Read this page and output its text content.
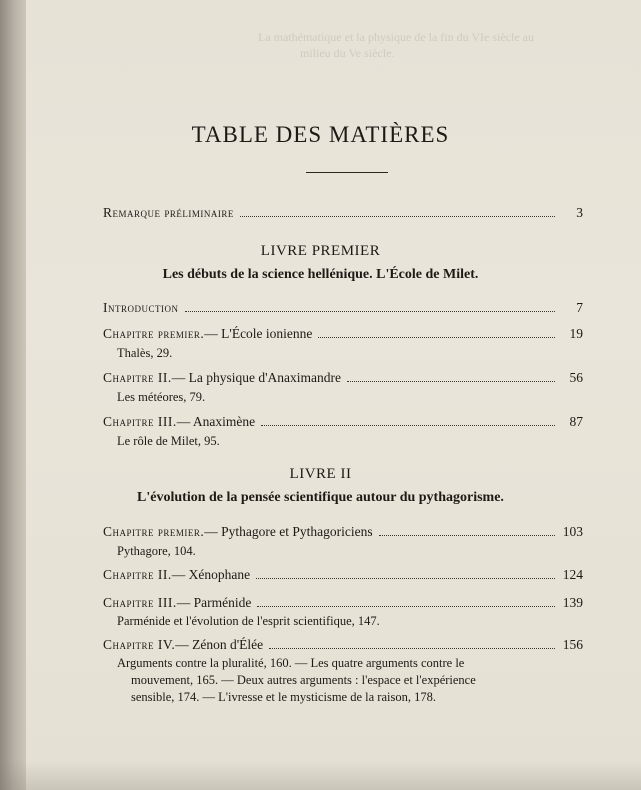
La mathématique et la physique de la fin du VIe siècle au
milieu du Ve siècle.
TABLE DES MATIÈRES
Remarque préliminaire	3
LIVRE PREMIER
Les débuts de la science hellénique. L'École de Milet.
Introduction	7
Chapitre premier. — L'École ionienne	19
Thalès, 29.
Chapitre II. — La physique d'Anaximandre	56
Les météores, 79.
Chapitre III. — Anaximène	87
Le rôle de Milet, 95.
LIVRE II
L'évolution de la pensée scientifique autour du pythagorisme.
Chapitre premier. — Pythagore et Pythagoriciens	103
Pythagore, 104.
Chapitre II. — Xénophane	124
Chapitre III. — Parménide	139
Parménide et l'évolution de l'esprit scientifique, 147.
Chapitre IV. — Zénon d'Élée	156
Arguments contre la pluralité, 160. — Les quatre arguments contre le
mouvement, 165. — Deux autres arguments : l'espace et l'expérience
sensible, 174. — L'ivresse et le mysticisme de la raison, 178.
